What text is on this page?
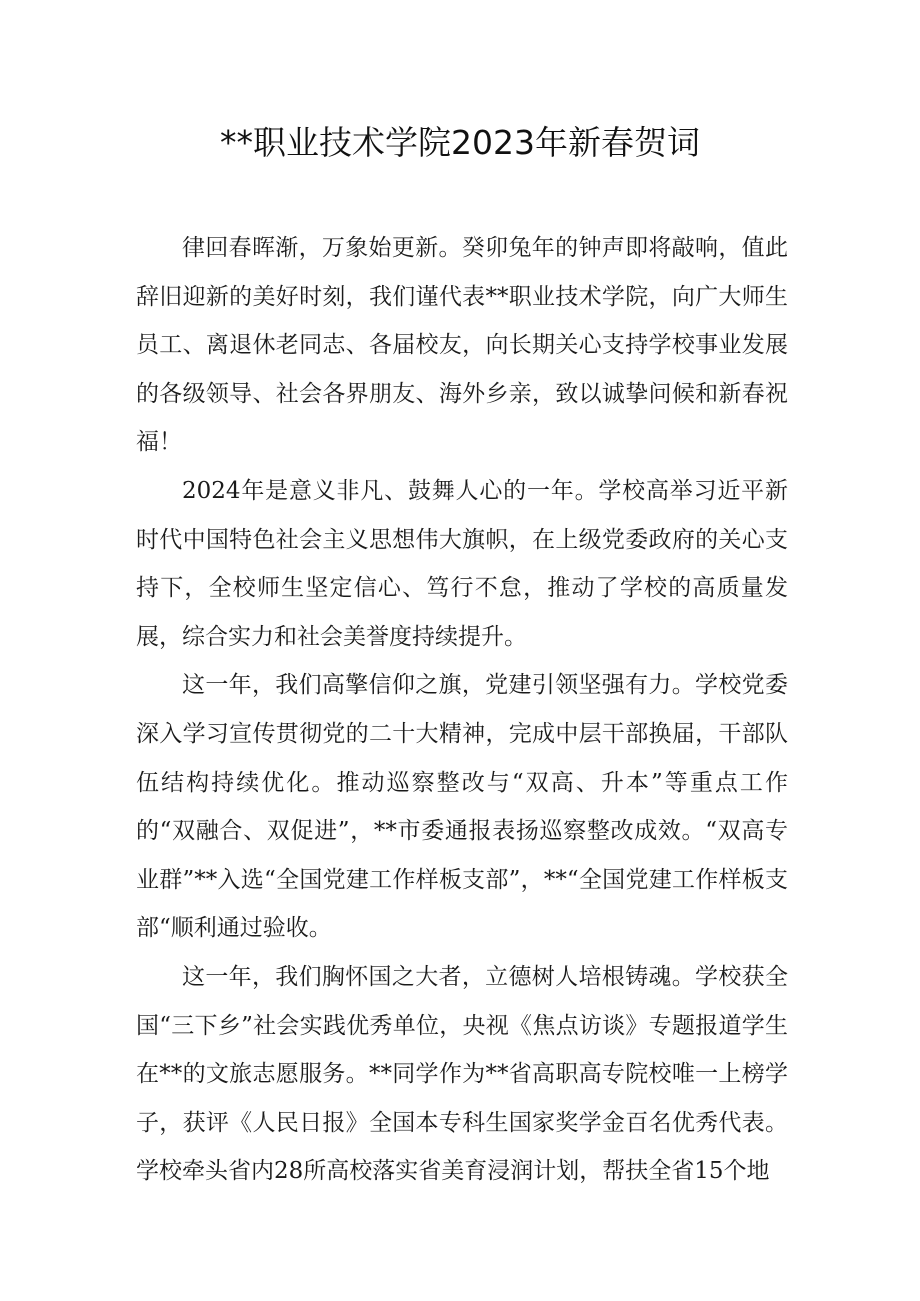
**职业技术学院2023年新春贺词

律回春晖渐，万象始更新。癸卯兔年的钟声即将敲响，值此辞旧迎新的美好时刻，我们谨代表**职业技术学院，向广大师生员工、离退休老同志、各届校友，向长期关心支持学校事业发展的各级领导、社会各界朋友、海外乡亲，致以诚挚问候和新春祝福！

2024年是意义非凡、鼓舞人心的一年。学校高举习近平新时代中国特色社会主义思想伟大旗帜，在上级党委政府的关心支持下，全校师生坚定信心、笃行不怠，推动了学校的高质量发展，综合实力和社会美誉度持续提升。

这一年，我们高擎信仰之旗，党建引领坚强有力。学校党委深入学习宣传贯彻党的二十大精神，完成中层干部换届，干部队伍结构持续优化。推动巡察整改与“双高、升本”等重点工作的“双融合、双促进”，**市委通报表扬巡察整改成效。“双高专业群”**入选“全国党建工作样板支部”，**“全国党建工作样板支部“顺利通过验收。

这一年，我们胸怀国之大者，立德树人培根铸魂。学校获全国“三下乡”社会实践优秀单位，央视《焦点访谈》专题报道学生在**的文旅志愿服务。**同学作为**省高职高专院校唯一上榜学子，获评《人民日报》全国本专科生国家奖学金百名优秀代表。学校牵头省内28所高校落实省美育浸润计划，帮扶全省15个地
